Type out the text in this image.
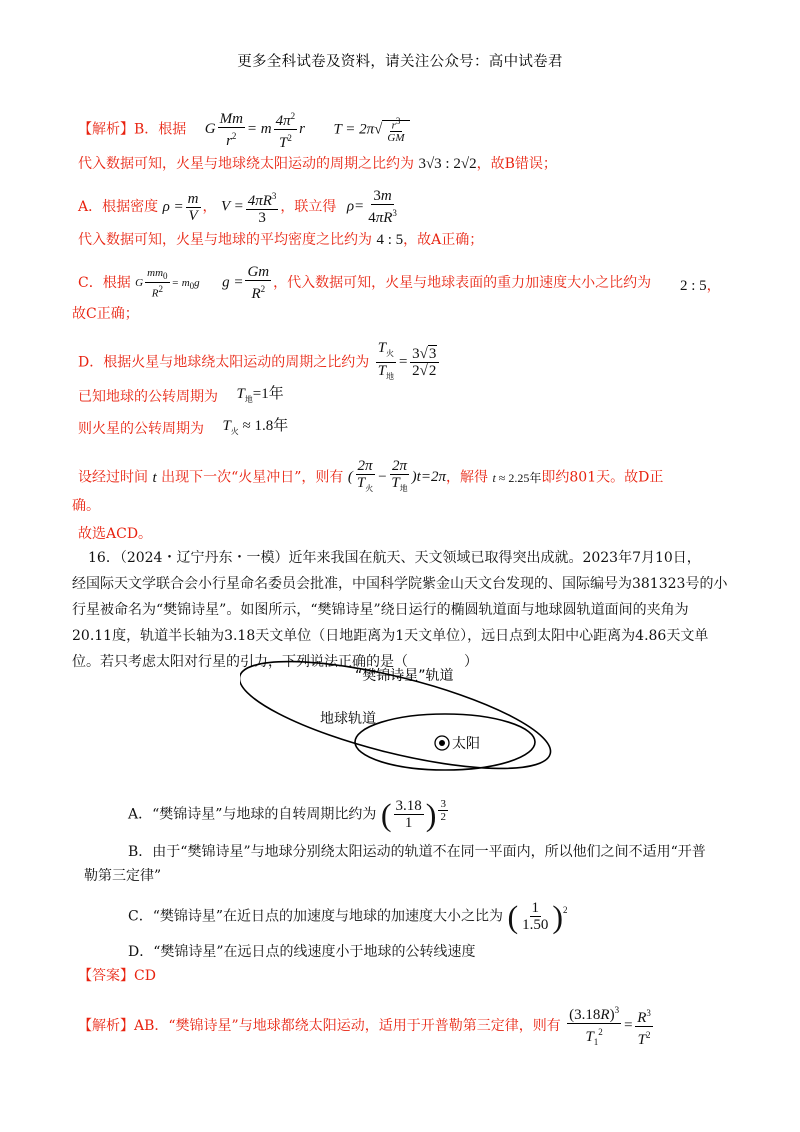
更多全科试卷及资料，请关注公众号：高中试卷君
【解析】B．根据 G $\frac{Mm}{r^2} = m \frac{4\pi^2}{T^2}$ r $T = 2\pi√ \frac{r^3}{GM}$
代入数据可知，火星与地球绕太阳运动的周期之比约为 3√3 : 2√2，故B错误；
A．根据密度 $\rho = \frac{m}{V}$ ， $V = \frac{4\pi R^3}{3}$ ，联立得 $\rho= \frac{3m}{4\pi R^3}$
代入数据可知，火星与地球的平均密度之比约为 4 : 5，故A正确；
C．根据 G $\frac{mm_0}{R^2} = m_0g$ $g = \frac{Gm}{R^2}$ ，代入数据可知，火星与地球表面的重力加速度大小之比约为 2 : 5，
故C正确；
D．根据火星与地球绕太阳运动的周期之比约为 $\frac{T_火}{T_地} = \frac{3√3}{2√2}$
已知地球的公转周期为 $T_地=1$年
则火星的公转周期为 $T_火 \approx 1.8$年
设经过时间 t 出现下一次“火星冲日”，则有 ( $\frac{2\pi}{T_火} - \frac{2\pi}{T_地} )t=2\pi$，解得 t ≈ 2.25年即约801天。故D正
确。
故选ACD。
16．（2024・辽宁丹东・一模）近年来我国在航天、天文领域已取得突出成就。2023年7月10日，
经国际天文学联合会小行星命名委员会批准，中国科学院紫金山天文台发现的、国际编号为381323号的小
行星被命名为“樊锦诗星”。如图所示，“樊锦诗星”绕日运行的椭圆轨道面与地球圆轨道面间的夹角为
20.11度，轨道半长轴为3.18天文单位（日地距离为1天文单位），远日点到太阳中心距离为4.86天文单
位。若只考虑太阳对行星的引力，下列说法正确的是（　　　　）
“樊锦诗星”轨道
地球轨道
太阳
A．“樊锦诗星”与地球的自转周期比约为 ( $\frac{3.18}{1}$ ) $\frac{3}{2}$
B．由于“樊锦诗星”与地球分别绕太阳运动的轨道不在同一平面内，所以他们之间不适用“开普
勒第三定律”
C．“樊锦诗星”在近日点的加速度与地球的加速度大小之比为 ( $\frac{1}{1.50} )^2$
D．“樊锦诗星”在远日点的线速度小于地球的公转线速度
【答案】CD
【解析】AB．“樊锦诗星”与地球都绕太阳运动，适用于开普勒第三定律，则有 $\frac{(3.18R)^3}{T_1^2} = \frac{R^3}{T^2}$
